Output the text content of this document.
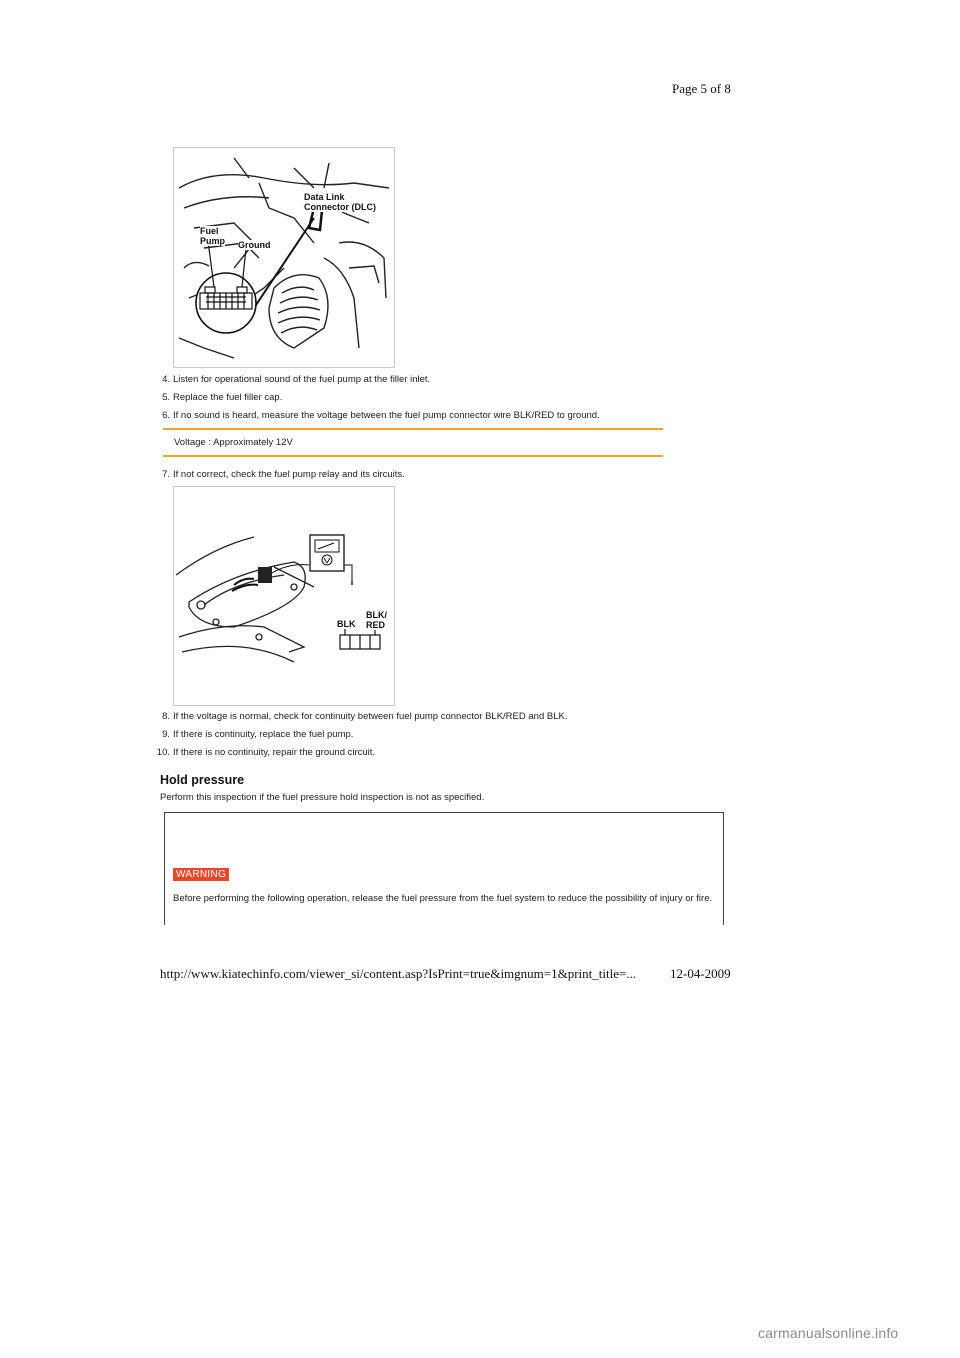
Page 5 of 8
Data Link
Connector (DLC)
Fuel
Pump Ground
4. Listen for operational sound of the fuel pump at the filler inlet.
5. Replace the fuel filler cap.
6. If no sound is heard, measure the voltage between the fuel pump connector wire BLK/RED to ground.
Voltage : Approximately 12V
7. If not correct, check the fuel pump relay and its circuits.
BLK
BLK/
RED
8. If the voltage is normal, check for continuity between fuel pump connector BLK/RED and BLK.
9. If there is continuity, replace the fuel pump.
10. If there is no continuity, repair the ground circuit.
Hold pressure
Perform this inspection if the fuel pressure hold inspection is not as specified.
WARNING
Before performing the following operation, release the fuel pressure from the fuel system to reduce the possibility of injury or fire.
http://www.kiatechinfo.com/viewer_si/content.asp?IsPrint=true&imgnum=1&print_title=...	12-04-2009
carmanualsonline.info
